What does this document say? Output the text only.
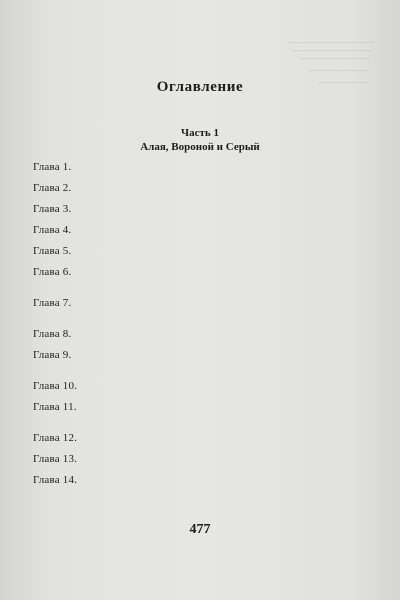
Оглавление
Часть 1
Алая, Вороной и Серый
Глава 1.
Глава 2.
Глава 3.
Глава 4.
Глава 5.
Глава 6.
Глава 7.
Глава 8.
Глава 9.
Глава 10.
Глава 11.
Глава 12.
Глава 13.
Глава 14.
477
